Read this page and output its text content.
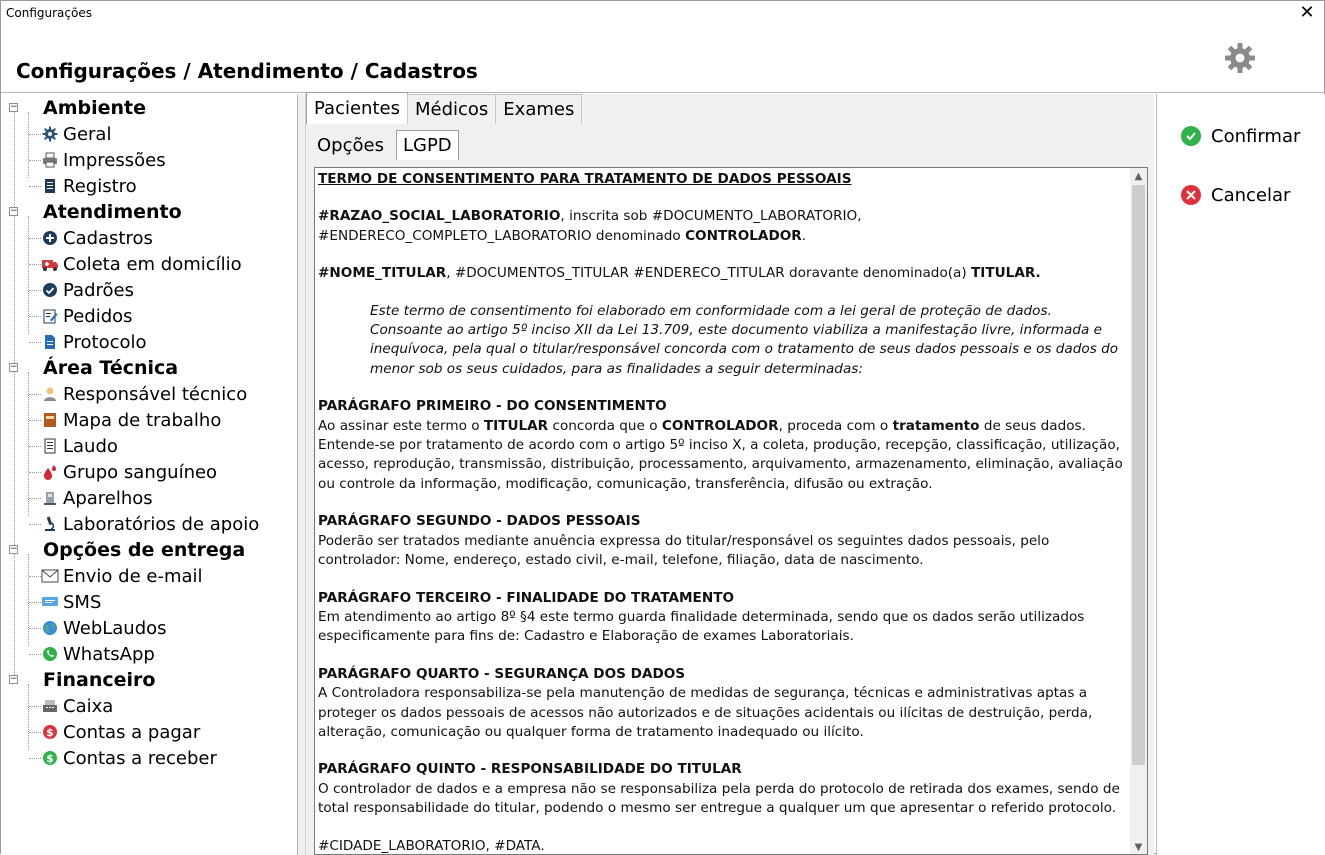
Configurações	✕
Configurações / Atendimento / Cadastros
− Ambiente
Geral
Impressões
Registro
− Atendimento
Cadastros
Coleta em domicílio
Padrões
Pedidos
Protocolo
− Área Técnica
Responsável técnico
Mapa de trabalho
Laudo
Grupo sanguíneo
Aparelhos
Laboratórios de apoio
− Opções de entrega
Envio de e-mail
SMS
WebLaudos
WhatsApp
− Financeiro
Caixa
$ Contas a pagar
$ Contas a receber
Pacientes Médicos Exames
Opções	LGPD

TERMO DE CONSENTIMENTO PARA TRATAMENTO DE DADOS PESSOAIS

#RAZAO_SOCIAL_LABORATORIO, inscrita sob #DOCUMENTO_LABORATORIO, #ENDERECO_COMPLETO_LABORATORIO denominado CONTROLADOR.

#NOME_TITULAR, #DOCUMENTOS_TITULAR #ENDERECO_TITULAR doravante denominado(a) TITULAR.

Este termo de consentimento foi elaborado em conformidade com a lei geral de proteção de dados. Consoante ao artigo 5º inciso XII da Lei 13.709, este documento viabiliza a manifestação livre, informada e inequívoca, pela qual o titular/responsável concorda com o tratamento de seus dados pessoais e os dados do menor sob os seus cuidados, para as finalidades a seguir determinadas:

PARÁGRAFO PRIMEIRO - DO CONSENTIMENTO
Ao assinar este termo o TITULAR concorda que o CONTROLADOR, proceda com o tratamento de seus dados.
Entende-se por tratamento de acordo com o artigo 5º inciso X, a coleta, produção, recepção, classificação, utilização, acesso, reprodução, transmissão, distribuição, processamento, arquivamento, armazenamento, eliminação, avaliação ou controle da informação, modificação, comunicação, transferência, difusão ou extração.

PARÁGRAFO SEGUNDO - DADOS PESSOAIS
Poderão ser tratados mediante anuência expressa do titular/responsável os seguintes dados pessoais, pelo controlador: Nome, endereço, estado civil, e-mail, telefone, filiação, data de nascimento.

PARÁGRAFO TERCEIRO - FINALIDADE DO TRATAMENTO
Em atendimento ao artigo 8º §4 este termo guarda finalidade determinada, sendo que os dados serão utilizados especificamente para fins de: Cadastro e Elaboração de exames Laboratoriais.

PARÁGRAFO QUARTO - SEGURANÇA DOS DADOS
A Controladora responsabiliza-se pela manutenção de medidas de segurança, técnicas e administrativas aptas a proteger os dados pessoais de acessos não autorizados e de situações acidentais ou ilícitas de destruição, perda, alteração, comunicação ou qualquer forma de tratamento inadequado ou ilícito.

PARÁGRAFO QUINTO - RESPONSABILIDADE DO TITULAR
O controlador de dados e a empresa não se responsabiliza pela perda do protocolo de retirada dos exames, sendo de total responsabilidade do titular, podendo o mesmo ser entregue a qualquer um que apresentar o referido protocolo.

#CIDADE_LABORATORIO, #DATA.

▲
▼
Confirmar
Cancelar
